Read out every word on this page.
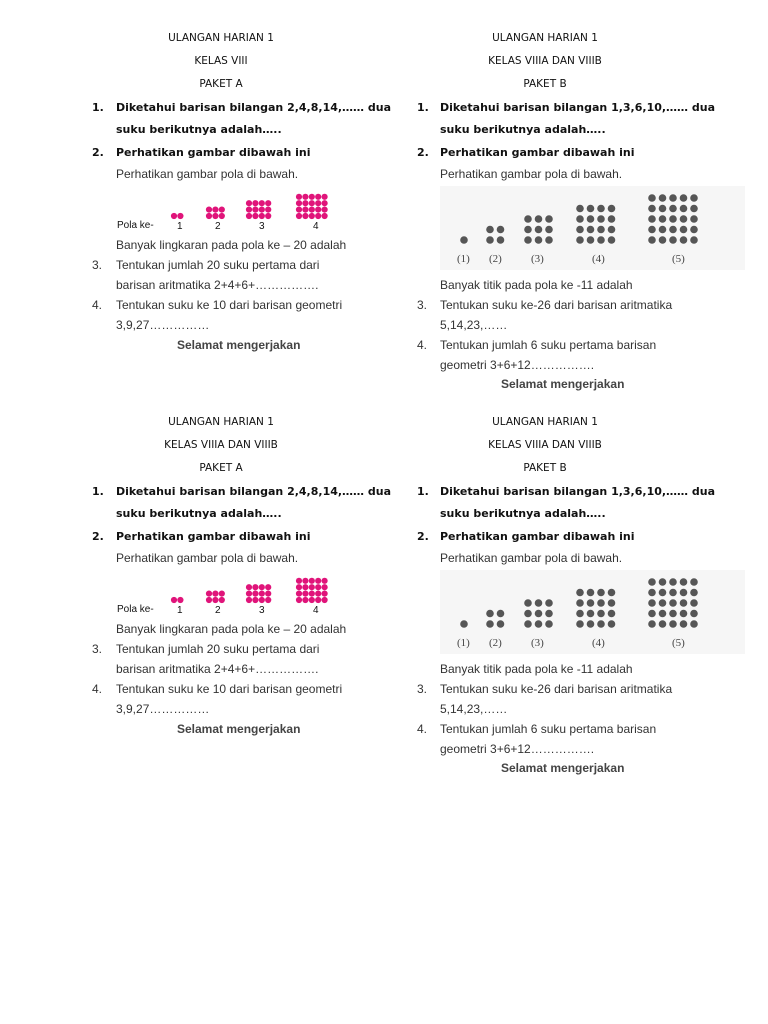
ULANGAN HARIAN 1
KELAS VIII
PAKET A
1. Diketahui barisan bilangan 2,4,8,14,…… dua
suku berikutnya adalah…..
2. Perhatikan gambar dibawah ini
Perhatikan gambar pola di bawah.
Pola ke- 1	2	3	4
Banyak lingkaran pada pola ke – 20 adalah
3. Tentukan jumlah 20 suku pertama dari
barisan aritmatika 2+4+6+…………….
4. Tentukan suku ke 10 dari barisan geometri
3,9,27……………
Selamat mengerjakan
ULANGAN HARIAN 1
KELAS VIIIA DAN VIIIB
PAKET B
1. Diketahui barisan bilangan 1,3,6,10,…… dua
suku berikutnya adalah…..
2. Perhatikan gambar dibawah ini
Perhatikan gambar pola di bawah.
(1) (2)	(3)	(4)	(5)
Banyak titik pada pola ke -11 adalah
3. Tentukan suku ke-26 dari barisan aritmatika
5,14,23,……
4. Tentukan jumlah 6 suku pertama barisan
geometri 3+6+12…………….
Selamat mengerjakan
ULANGAN HARIAN 1
KELAS VIIIA DAN VIIIB
PAKET A
1. Diketahui barisan bilangan 2,4,8,14,…… dua
suku berikutnya adalah…..
2. Perhatikan gambar dibawah ini
Perhatikan gambar pola di bawah.
Pola ke- 1	2	3	4
Banyak lingkaran pada pola ke – 20 adalah
3. Tentukan jumlah 20 suku pertama dari
barisan aritmatika 2+4+6+…………….
4. Tentukan suku ke 10 dari barisan geometri
3,9,27……………
Selamat mengerjakan
ULANGAN HARIAN 1
KELAS VIIIA DAN VIIIB
PAKET B
1. Diketahui barisan bilangan 1,3,6,10,…… dua
suku berikutnya adalah…..
2. Perhatikan gambar dibawah ini
Perhatikan gambar pola di bawah.
(1) (2)	(3)	(4)	(5)
Banyak titik pada pola ke -11 adalah
3. Tentukan suku ke-26 dari barisan aritmatika
5,14,23,……
4. Tentukan jumlah 6 suku pertama barisan
geometri 3+6+12…………….
Selamat mengerjakan
